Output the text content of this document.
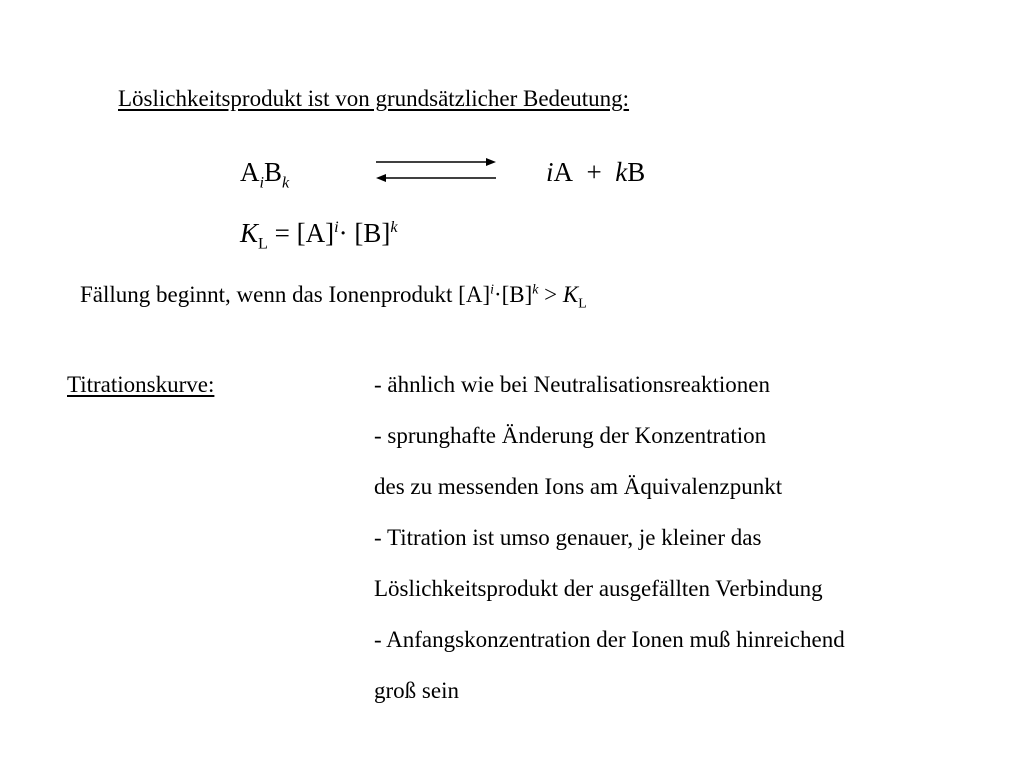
Löslichkeitsprodukt ist von grundsätzlicher Bedeutung:
$A_iB_k$	iA + kB
$K_L = [A]^i\cdot [B]^k$
Fällung beginnt, wenn das Ionenprodukt $[A]^i\cdot[B]^k > K_L$
Titrationskurve:	- ähnlich wie bei Neutralisationsreaktionen
- sprunghafte Änderung der Konzentration
des zu messenden Ions am Äquivalenzpunkt
- Titration ist umso genauer, je kleiner das
Löslichkeitsprodukt der ausgefällten Verbindung
- Anfangskonzentration der Ionen muß hinreichend
groß sein
